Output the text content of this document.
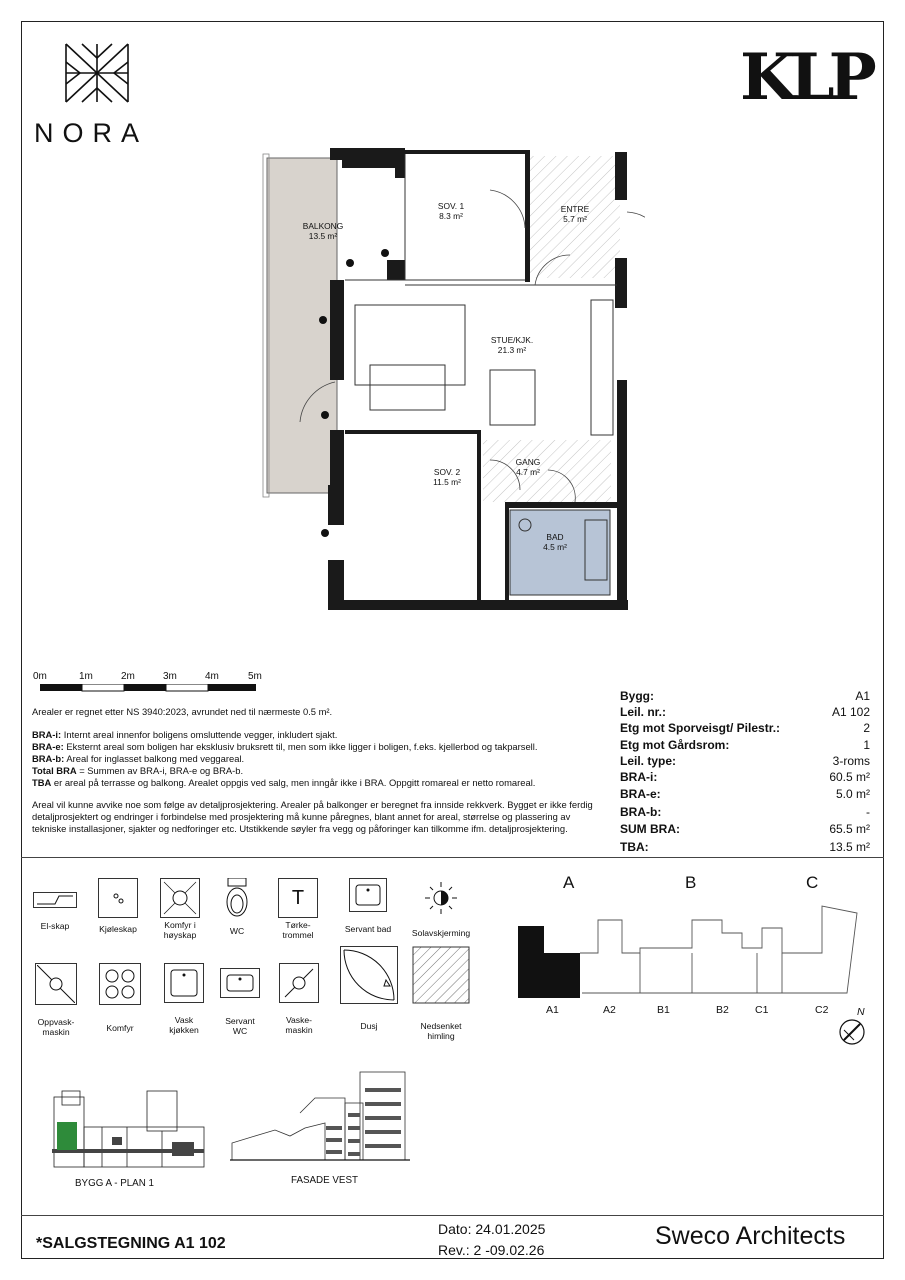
NORA
KLP
BALKONG
13.5 m²
SOV. 1
8.3 m²
ENTRE
5.7 m²
STUE/KJK.
21.3 m²
SOV. 2
11.5 m²
GANG
4.7 m²
BAD
4.5 m²
0m	1m	2m	3m	4m	5m

Arealer er regnet etter NS 3940:2023, avrundet ned til nærmeste 0.5 m².

BRA-i: Internt areal innenfor boligens omsluttende vegger, inkludert sjakt.

BRA-e: Eksternt areal som boligen har eksklusiv bruksrett til, men som ikke ligger i boligen, f.eks. kjellerbod og takparsell.

BRA-b: Areal for inglasset balkong med veggareal.

Total BRA = Summen av BRA-i, BRA-e og BRA-b.

TBA er areal på terrasse og balkong. Arealet oppgis ved salg, men inngår ikke i BRA. Oppgitt romareal er netto romareal.

Areal vil kunne avvike noe som følge av detaljprosjektering. Arealer på balkonger er beregnet fra innside rekkverk. Bygget er ikke ferdig detaljprosjektert og endringer i forbindelse med prosjektering må kunne påregnes, blant annet for areal, størrelse og plassering av tekniske installasjoner, sjakter og nedforinger etc. Utstikkende søyler fra vegg og påforinger kan tilkomme ifm. detaljprosjektering.

Bygg:	A1
Leil. nr.:	A1 102
Etg mot Sporveisgt/ Pilestr.:	2
Etg mot Gårdsrom:	1
Leil. type:	3-roms
BRA-i:	60.5 m²
BRA-e:	5.0 m²
BRA-b:	-
SUM BRA:	65.5 m²
TBA:	13.5 m²
El-skap	Kjøleskap	Komfyr i
høyskap	WC
T
Tørke-
trommel
Servant bad	Solavskjerming
Oppvask-
maskin	Komfyr
Vask
kjøkken
Servant
WC
Vaske-
maskin	Dusj	Nedsenket
himling
A	B	C
A1	A2	B1	B2 C1	C2	N
BYGG A - PLAN 1	FASADE VEST
*SALGSTEGNING A1 102
Dato: 24.01.2025
Rev.: 2 -09.02.26	Sweco Architects
